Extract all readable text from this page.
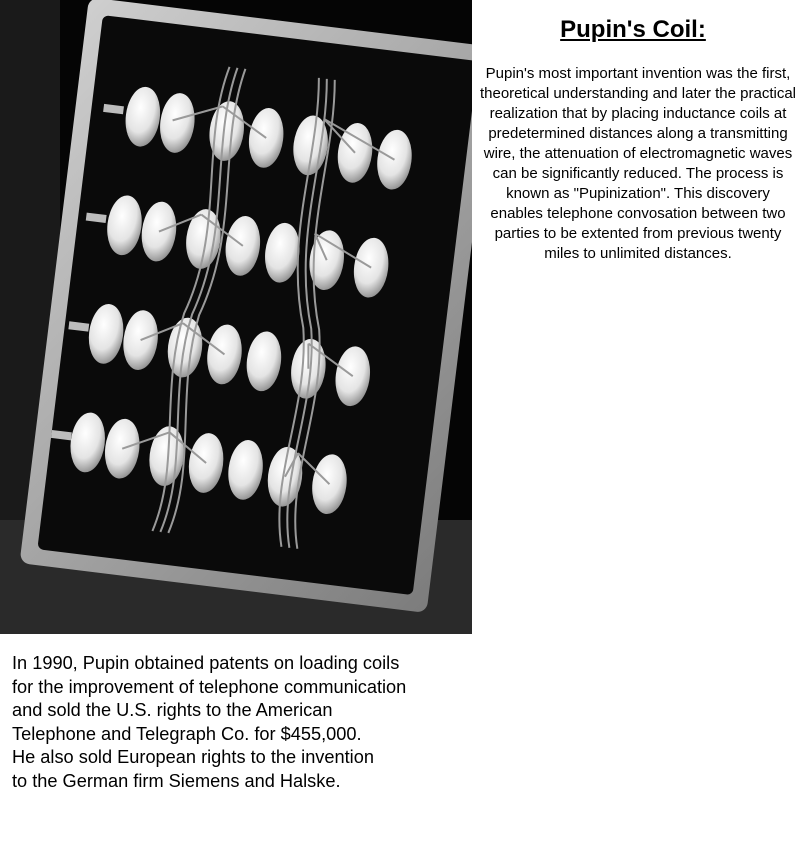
Pupin's Coil:

Pupin's most important invention was the first, theoretical understanding and later the practical realization that by placing inductance coils at predetermined distances along a transmitting wire, the attenuation of electromagnetic waves can be significantly reduced. The process is known as "Pupinization". This discovery enables telephone convosation between two parties to be extented from previous twenty miles to unlimited distances.

In 1990, Pupin obtained patents on loading coils
for the improvement of telephone communication
and sold the U.S. rights to the American
Telephone and Telegraph Co. for $455,000.
He also sold European rights to the invention
to the German firm Siemens and Halske.
